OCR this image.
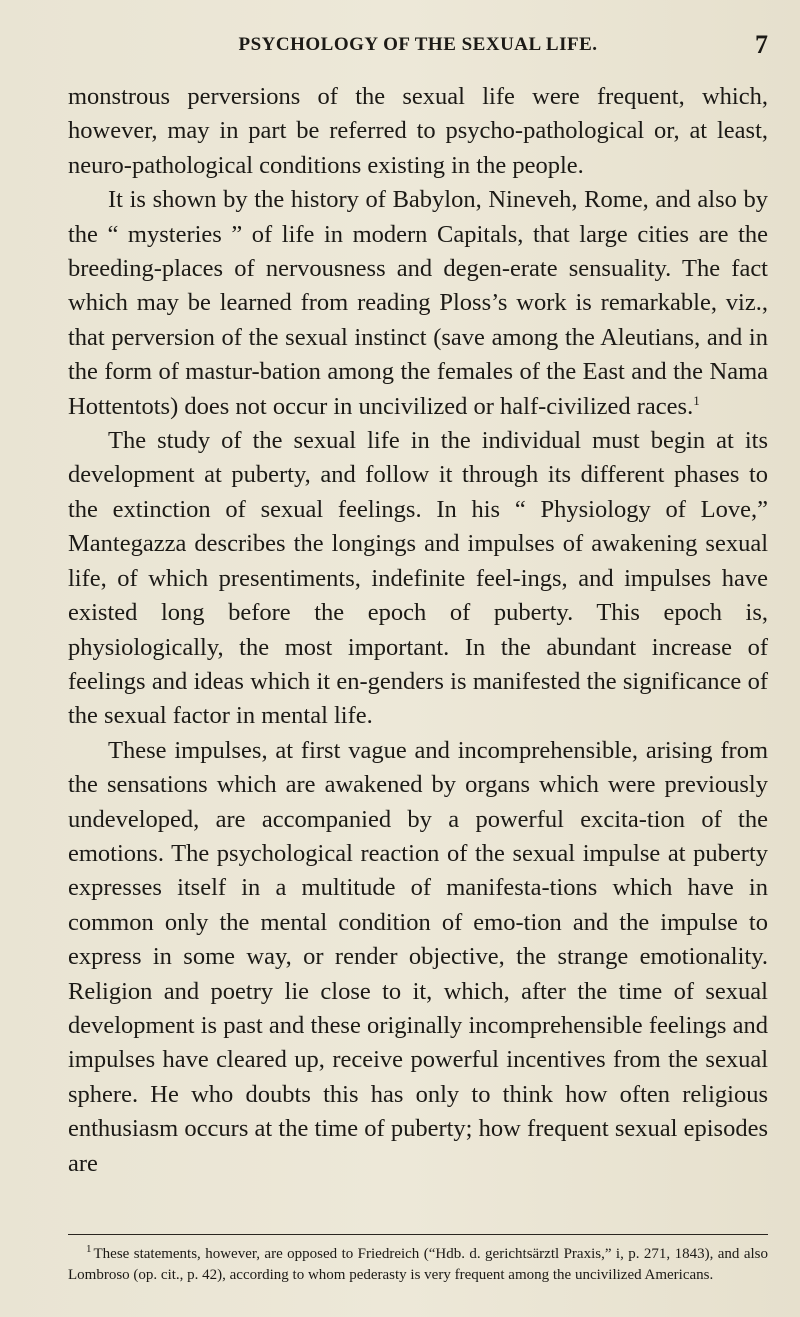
PSYCHOLOGY OF THE SEXUAL LIFE.	7

monstrous perversions of the sexual life were frequent, which, however, may in part be referred to psycho-pathological or, at least, neuro-pathological conditions existing in the people.

It is shown by the history of Babylon, Nineveh, Rome, and also by the “ mysteries ” of life in modern Capitals, that large cities are the breeding-places of nervousness and degen-erate sensuality. The fact which may be learned from reading Ploss’s work is remarkable, viz., that perversion of the sexual instinct (save among the Aleutians, and in the form of mastur-bation among the females of the East and the Nama Hottentots) does not occur in uncivilized or half-civilized races.$^1$

The study of the sexual life in the individual must begin at its development at puberty, and follow it through its different phases to the extinction of sexual feelings. In his “ Physiology of Love,” Mantegazza describes the longings and impulses of awakening sexual life, of which presentiments, indefinite feel-ings, and impulses have existed long before the epoch of puberty. This epoch is, physiologically, the most important. In the abundant increase of feelings and ideas which it en-genders is manifested the significance of the sexual factor in mental life.

These impulses, at first vague and incomprehensible, arising from the sensations which are awakened by organs which were previously undeveloped, are accompanied by a powerful excita-tion of the emotions. The psychological reaction of the sexual impulse at puberty expresses itself in a multitude of manifesta-tions which have in common only the mental condition of emo-tion and the impulse to express in some way, or render objective, the strange emotionality. Religion and poetry lie close to it, which, after the time of sexual development is past and these originally incomprehensible feelings and impulses have cleared up, receive powerful incentives from the sexual sphere. He who doubts this has only to think how often religious enthusiasm occurs at the time of puberty; how frequent sexual episodes are

$^1$ These statements, however, are opposed to Friedreich (“Hdb. d. gerichtsärztl Praxis,” i, p. 271, 1843), and also Lombroso (op. cit., p. 42), according to whom pederasty is very frequent among the uncivilized Americans.
